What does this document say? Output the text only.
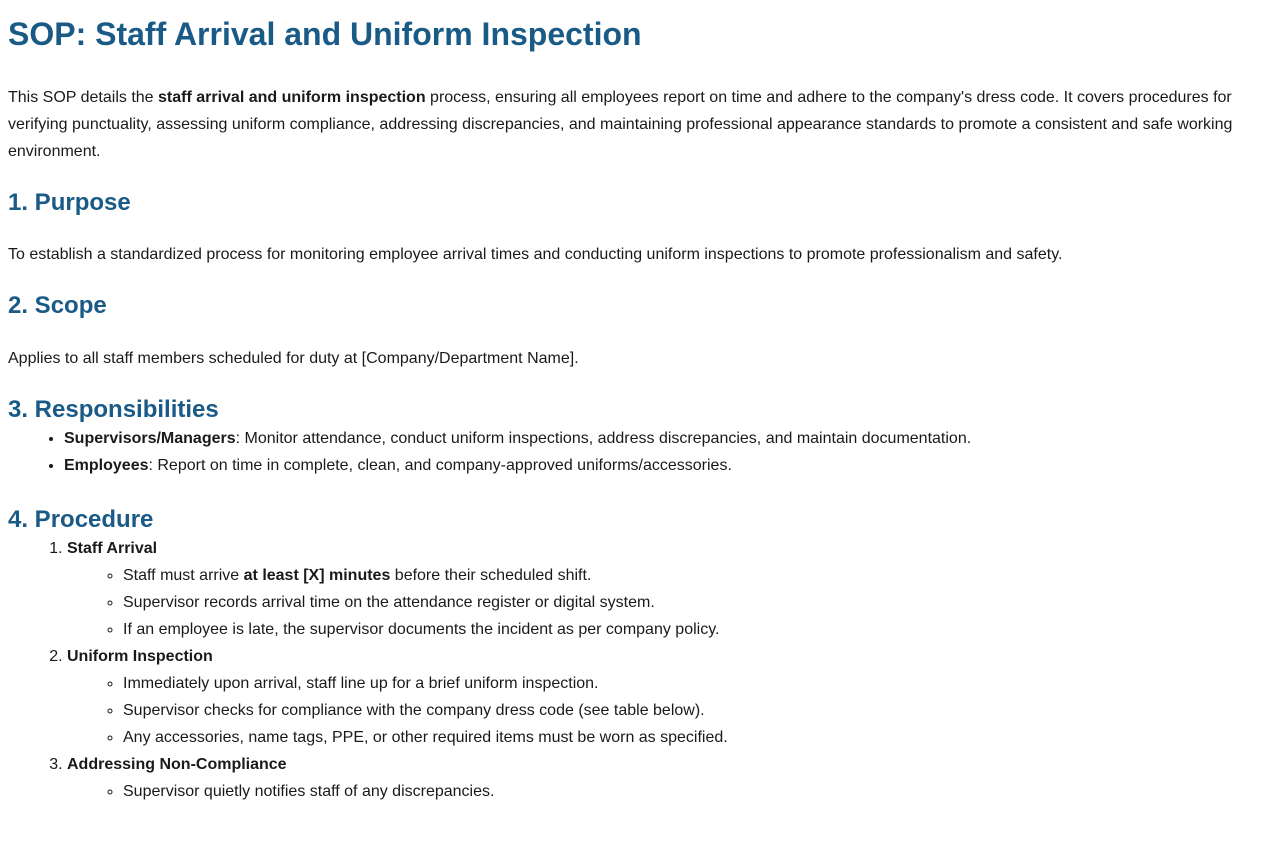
SOP: Staff Arrival and Uniform Inspection

This SOP details the staff arrival and uniform inspection process, ensuring all employees report on time and adhere to the company's dress code. It covers procedures for verifying punctuality, assessing uniform compliance, addressing discrepancies, and maintaining professional appearance standards to promote a consistent and safe working environment.

1. Purpose

To establish a standardized process for monitoring employee arrival times and conducting uniform inspections to promote professionalism and safety.

2. Scope

Applies to all staff members scheduled for duty at [Company/Department Name].

3. Responsibilities
• Supervisors/Managers: Monitor attendance, conduct uniform inspections, address discrepancies, and maintain documentation.
• Employees: Report on time in complete, clean, and company-approved uniforms/accessories.
4. Procedure
1. Staff Arrival
◦ Staff must arrive at least [X] minutes before their scheduled shift.
◦ Supervisor records arrival time on the attendance register or digital system.
◦ If an employee is late, the supervisor documents the incident as per company policy.
2. Uniform Inspection
◦ Immediately upon arrival, staff line up for a brief uniform inspection.
◦ Supervisor checks for compliance with the company dress code (see table below).
◦ Any accessories, name tags, PPE, or other required items must be worn as specified.
3. Addressing Non-Compliance
◦ Supervisor quietly notifies staff of any discrepancies.
